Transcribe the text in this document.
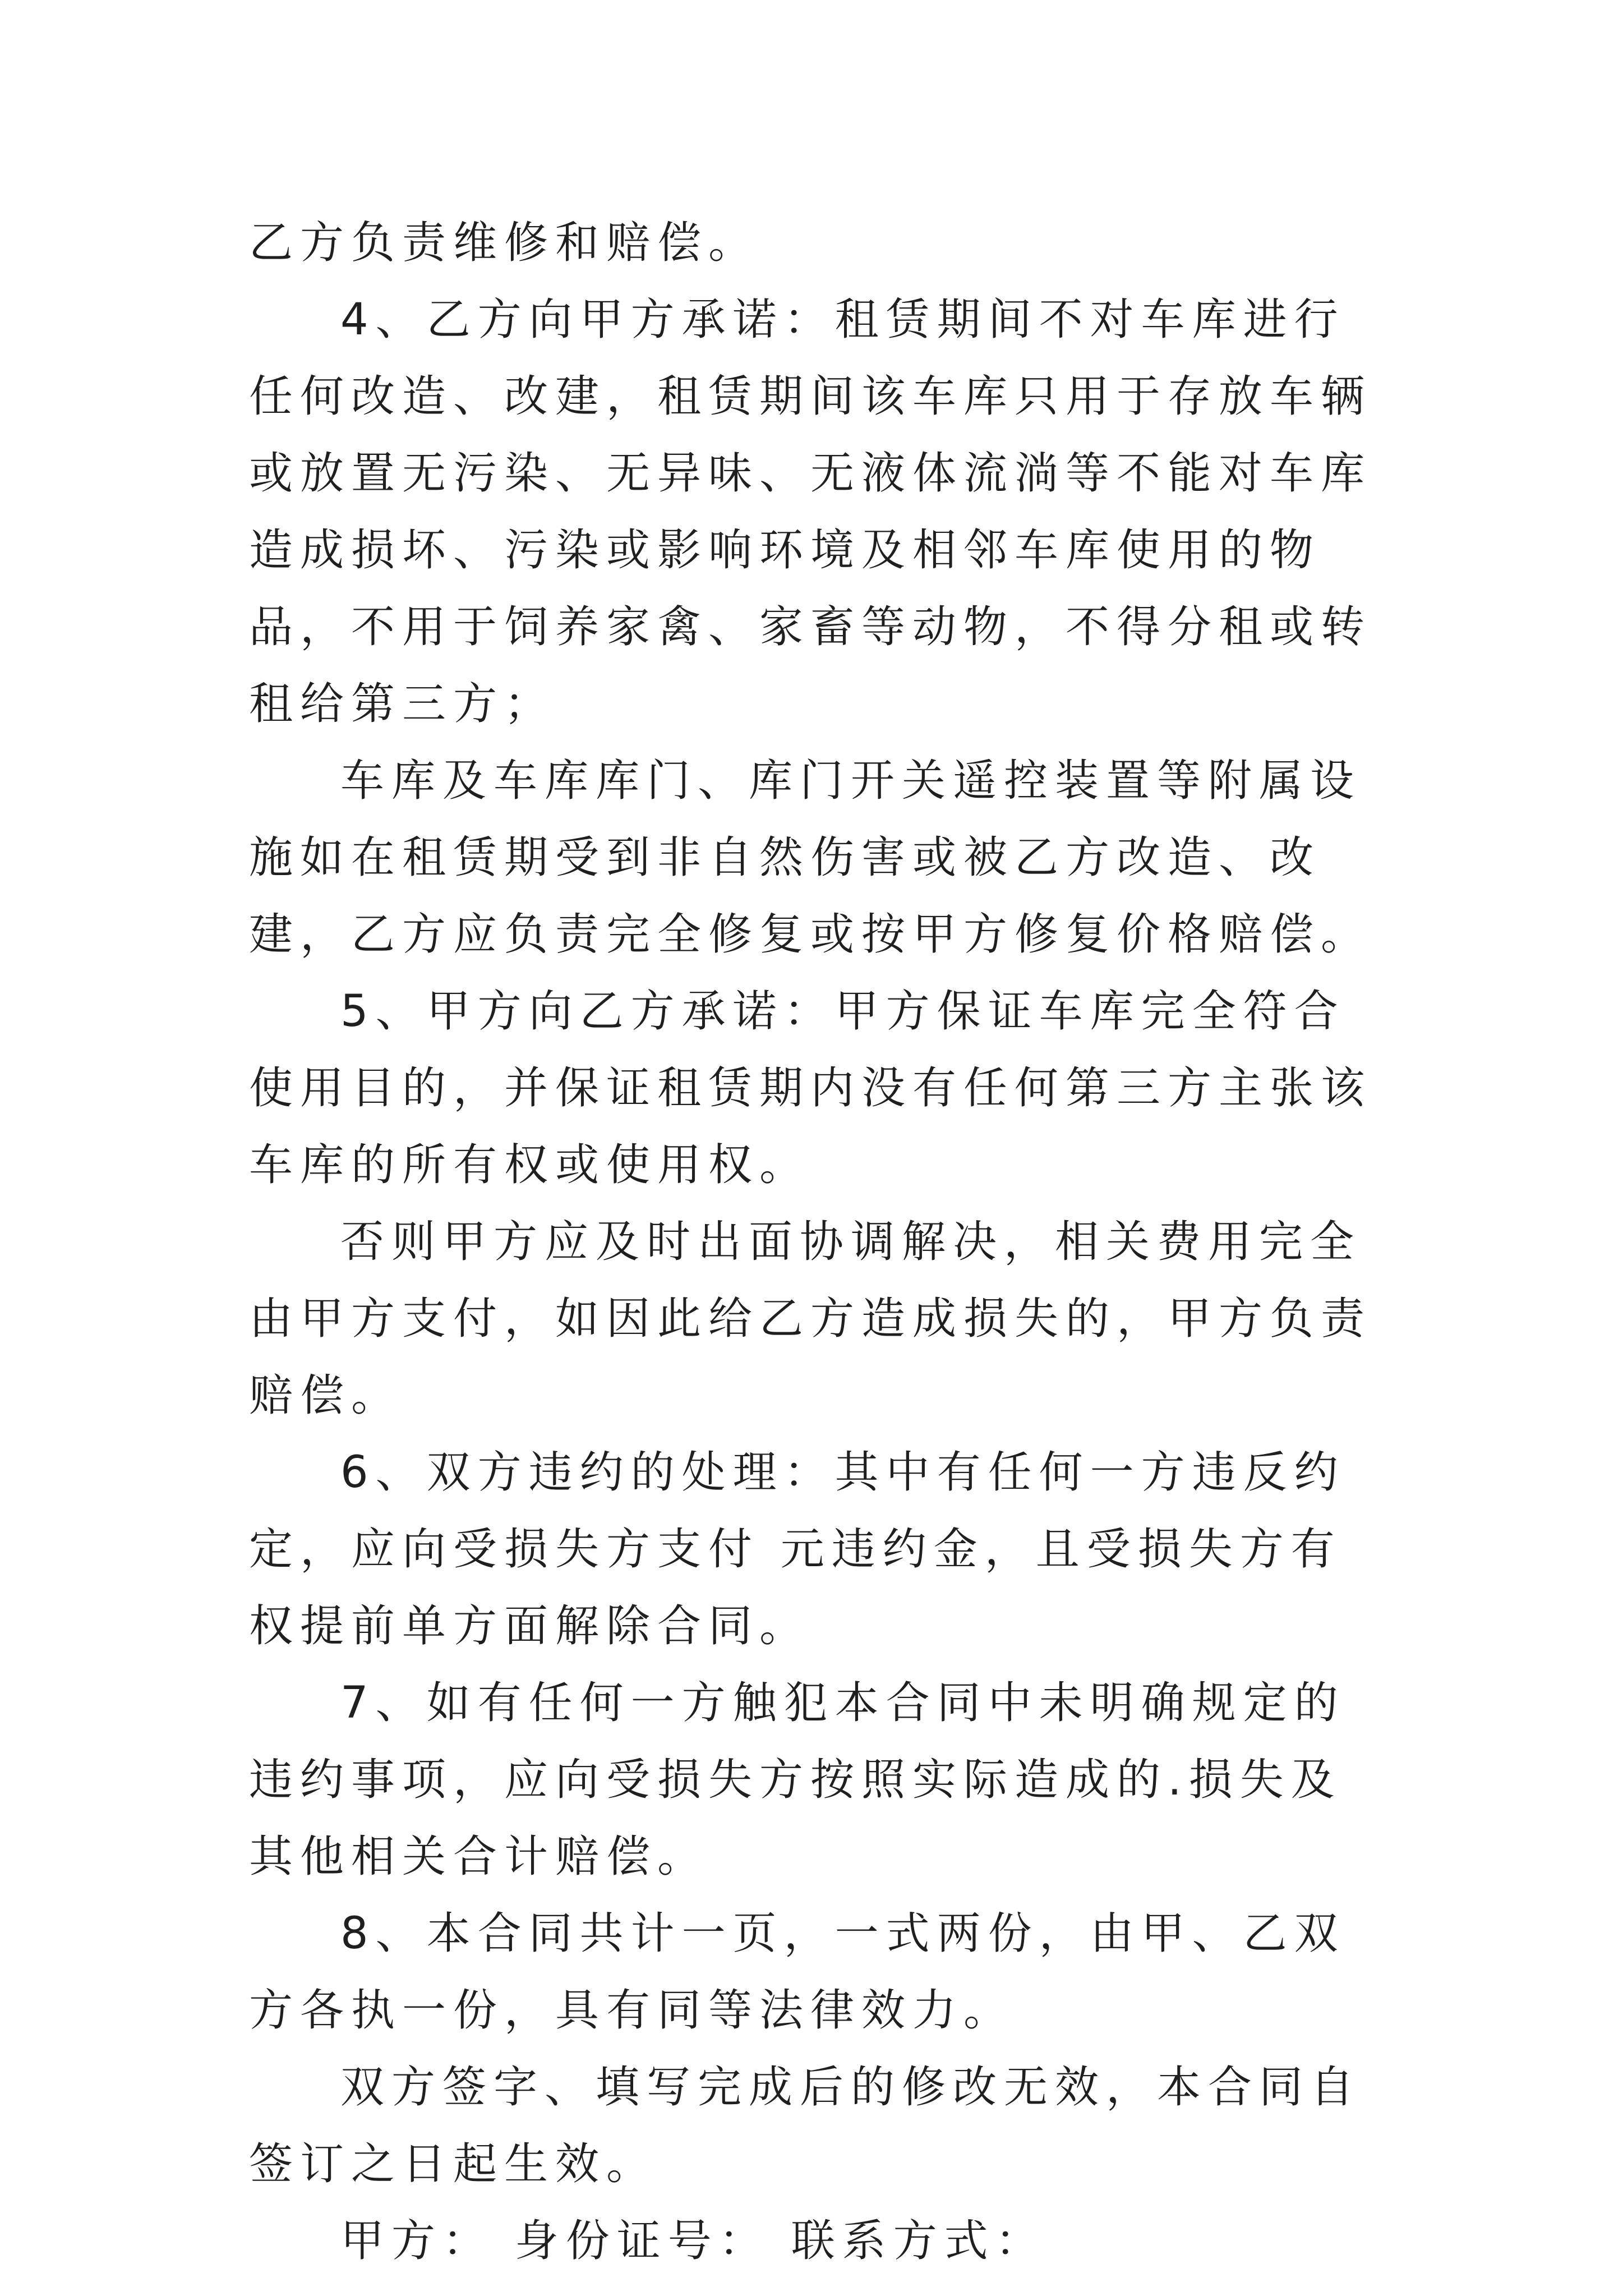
乙方负责维修和赔偿。

4、乙方向甲方承诺：租赁期间不对车库进行任何改造、改建，租赁期间该车库只用于存放车辆或放置无污染、无异味、无液体流淌等不能对车库造成损坏、污染或影响环境及相邻车库使用的物品，不用于饲养家禽、家畜等动物，不得分租或转租给第三方；

车库及车库库门、库门开关遥控装置等附属设施如在租赁期受到非自然伤害或被乙方改造、改建，乙方应负责完全修复或按甲方修复价格赔偿。

5、甲方向乙方承诺：甲方保证车库完全符合使用目的，并保证租赁期内没有任何第三方主张该车库的所有权或使用权。

否则甲方应及时出面协调解决，相关费用完全由甲方支付，如因此给乙方造成损失的，甲方负责赔偿。

6、双方违约的处理：其中有任何一方违反约定，应向受损失方支付 元违约金，且受损失方有权提前单方面解除合同。

7、如有任何一方触犯本合同中未明确规定的违约事项，应向受损失方按照实际造成的.损失及其他相关合计赔偿。

8、本合同共计一页，一式两份，由甲、乙双方各执一份，具有同等法律效力。

双方签字、填写完成后的修改无效，本合同自签订之日起生效。

甲方： 身份证号： 联系方式：
